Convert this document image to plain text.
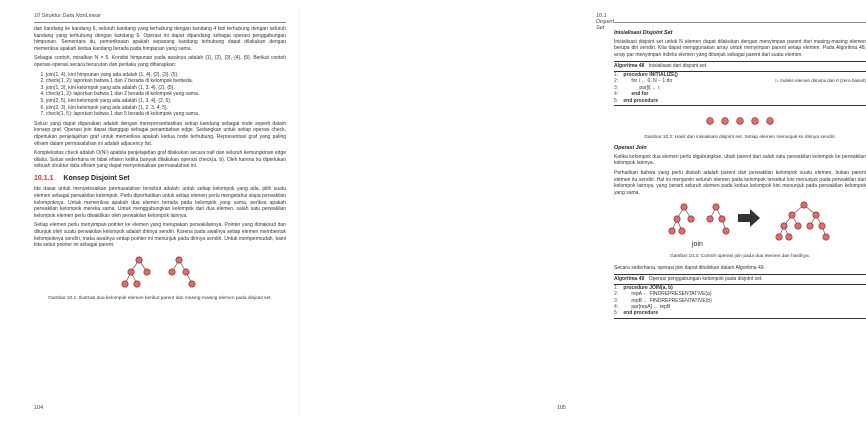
10 Struktur Data NonLinear

dari kandang ke kandang 6, seluruh kandang yang terhubung dengan kandang 4 kini terhubung dengan seluruh kandang yang terhubung dengan kandang 6. Operasi ini dapat dipandang sebagai operasi penggabungan himpunan. Sementara itu, pemeriksaan apakah sepasang kandang terhubung dapat dilakukan dengan memeriksa apakah kedua kandang berada pada himpunan yang sama.

Sebagai contoh, misalkan N = 5. Kondisi himpunan pada awalnya adalah {1}, {2}, {3}, {4}, {5}. Berikut contoh operasi-operasi secara berurutan dan perilaku yang diharapkan:

1. join(1, 4), kini himpunan yang ada adalah {1, 4}, {2}, {3}, {5}.
2. check(1, 2): laporkan bahwa 1 dan 2 berada di kelompok berbeda.
3. join(1, 3), kini kelompok yang ada adalah {1, 3, 4}, {2}, {5}.
4. check(1, 2): laporkan bahwa 1 dan 2 berada di kelompok yang sama.
5. join(2, 5), kini kelompok yang ada adalah {1, 3, 4}, {2, 5}.
6. join(2, 3), kini kelompok yang ada adalah {1, 2, 3, 4, 5}.
7. check(1, 5): laporkan bahwa 1 dan 5 berada di kelompok yang sama.

Solusi yang dapat digunakan adalah dengan merepresentasikan setiap kandang sebagai node seperti dalam konsep graf. Operasi join dapat dianggap sebagai penambahan edge. Sedangkan untuk setiap operasi check, diperlukan penjelajahan graf untuk memeriksa apakah kedua node terhubung. Representasi graf yang paling efisien dalam permasalahan ini adalah adjacency list.

Kompleksitas check adalah O(N²) apabila penjelajahan graf dilakukan secara naif dan seluruh kemungkinan edge dilalui. Solusi sederhana ini tidak efisien ketika banyak dilakukan operasi check(a, b). Oleh karena itu diperlukan sebuah struktur data efisien yang dapat menyelesaikan permasalahan ini.

10.1.1 Konsep Disjoint Set

Ide dasar untuk menyelesaikan permasalahan tersebut adalah: untuk setiap kelompok yang ada, pilih suatu elemen sebagai perwakilan kelompok. Perlu diperhatikan untuk setiap elemen perlu mengetahui siapa perwakilan kelompoknya. Untuk memeriksa apakah dua elemen berada pada kelompok yang sama, periksa apakah perwakilan kelompok mereka sama. Untuk menggabungkan kelompok dari dua elemen, salah satu perwakilan kelompok elemen perlu diwakilkan oleh perwakilan kelompok lainnya.

Setiap elemen perlu menyimpan pointer ke elemen yang merupakan perwakilannya. Pointer yang dimaksud dan ditunjuk oleh suatu perwakilan kelompok adalah dirinya sendiri. Karena pada awalnya setiap elemen membentuk kelompoknya sendiri, maka awalnya setiap pointer ini menunjuk pada dirinya sendiri. Untuk mempermudah, kami kita sebut pointer ini sebagai parent.

Gambar 10.1: Ilustrasi dua kelompok elemen berikut parent dan masing-masing elemen pada disjoint set.
104
10.1 Disjoint Set
Inisialisasi Disjoint Set

Inisialisasi disjoint set untuk N elemen dapat dilakukan dengan menyimpan parent dari masing-masing elemen berupa diri sendiri. Kita dapat menggunakan array untuk menyimpan parent setiap elemen. Pada Algoritma 48, array par menyimpan indeks elemen yang ditunjuk sebagai parent dari suatu elemen.

Algoritma 48 Inisialisasi dari disjoint set.
1: procedure INITIALIZE()
2:	for i ← 0, N − 1 do	▷ Indeks elemen dimulai dari 0 (zero-based)
3:	par[i] ← i
4:	end for
5: end procedure
Gambar 10.2: Hasil dari inisialisasi disjoint set. Setiap elemen menunjuk ke dirinya sendiri.
Operasi Join

Ketika kelompok dua elemen perlu digabungkan, ubah parent dari salah satu perwakilan kelompok ke perwakilan kelompok lainnya.

Perhatikan bahwa yang perlu diubah adalah parent dari perwakilan kelompok suatu elemen, bukan parent elemen itu sendiri. Hal ini menjamin seluruh elemen pada kelompok tersebut kini menunjuk pada perwakilan dari kelompok lainnya, yang berarti seluruh elemen pada kedua kelompok kini menunjuk pada perwakilan kelompok yang sama.

join
Gambar 10.3: Contoh operasi join pada dua elemen dan hasilnya.

Secara sederhana, operasi join dapat dituliskan dalam Algoritma 49.

Algoritma 49 Operasi penggabungan kelompok pada disjoint set.
1: procedure JOIN(a, b)
2:	repA ← FINDREPRESENTATIVE(a)
3:	repB ← FINDREPRESENTATIVE(b)
4:	par[repA] ← repB
5: end procedure
105
